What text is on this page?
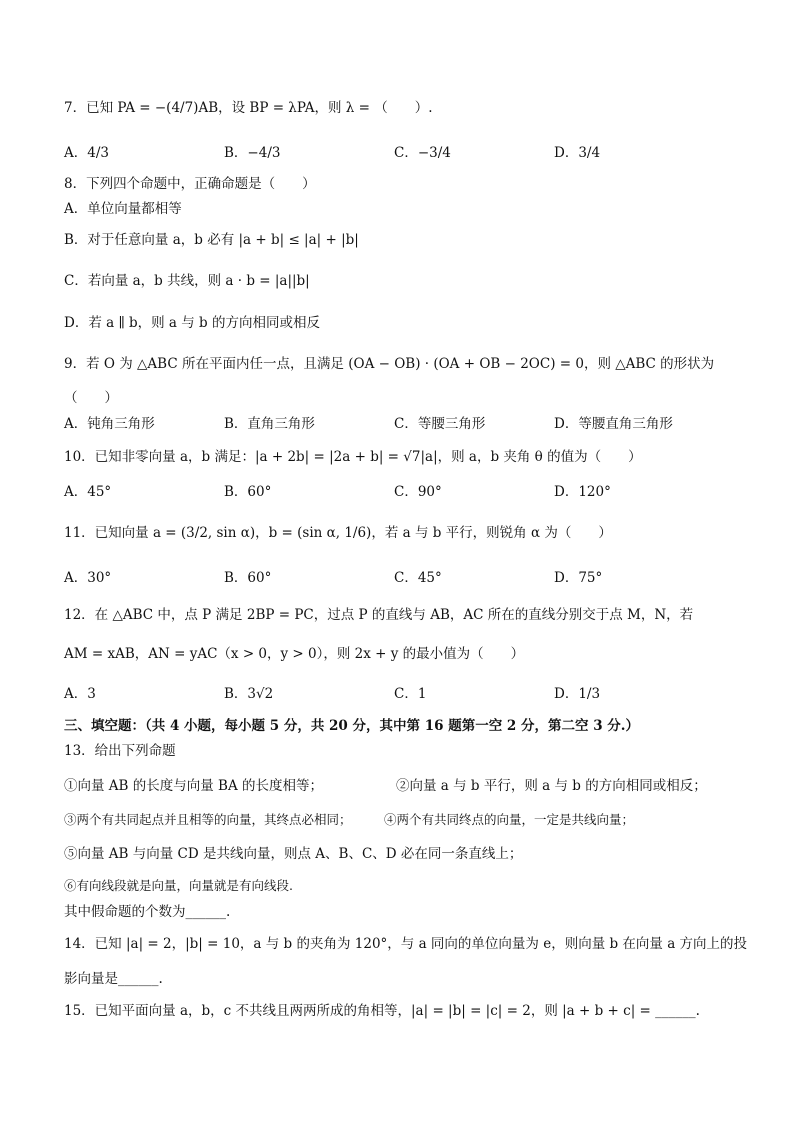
7．已知 PA = −(4/7)AB，设 BP = λPA，则 λ = （　　）.
A．4/3	B．−4/3	C．−3/4	D．3/4
8．下列四个命题中，正确命题是（　　）
A．单位向量都相等
B．对于任意向量 a，b 必有 |a + b| ≤ |a| + |b|
C．若向量 a，b 共线，则 a · b = |a||b|
D．若 a ∥ b，则 a 与 b 的方向相同或相反
9．若 O 为 △ABC 所在平面内任一点，且满足 (OA − OB) · (OA + OB − 2OC) = 0，则 △ABC 的形状为
（　　）
A．钝角三角形	B．直角三角形	C．等腰三角形	D．等腰直角三角形
10．已知非零向量 a，b 满足：|a + 2b| = |2a + b| = √7|a|，则 a，b 夹角 θ 的值为（　　）
A．45°	B．60°	C．90°	D．120°
11．已知向量 a = (3/2, sin α)，b = (sin α, 1/6)，若 a 与 b 平行，则锐角 α 为（　　）
A．30°	B．60°	C．45°	D．75°
12．在 △ABC 中，点 P 满足 2BP = PC，过点 P 的直线与 AB，AC 所在的直线分别交于点 M，N，若
AM = xAB，AN = yAC（x > 0，y > 0），则 2x + y 的最小值为（　　）
A．3	B．3√2	C．1	D．1/3
三、填空题：（共 4 小题，每小题 5 分，共 20 分，其中第 16 题第一空 2 分，第二空 3 分.）
13．给出下列命题
①向量 AB 的长度与向量 BA 的长度相等；	②向量 a 与 b 平行，则 a 与 b 的方向相同或相反；
③两个有共同起点并且相等的向量，其终点必相同；	④两个有共同终点的向量，一定是共线向量；
⑤向量 AB 与向量 CD 是共线向量，则点 A、B、C、D 必在同一条直线上；
⑥有向线段就是向量，向量就是有向线段.
其中假命题的个数为______.
14．已知 |a| = 2，|b| = 10，a 与 b 的夹角为 120°，与 a 同向的单位向量为 e，则向量 b 在向量 a 方向上的投
影向量是______.
15．已知平面向量 a，b，c 不共线且两两所成的角相等，|a| = |b| = |c| = 2，则 |a + b + c| = ______.
